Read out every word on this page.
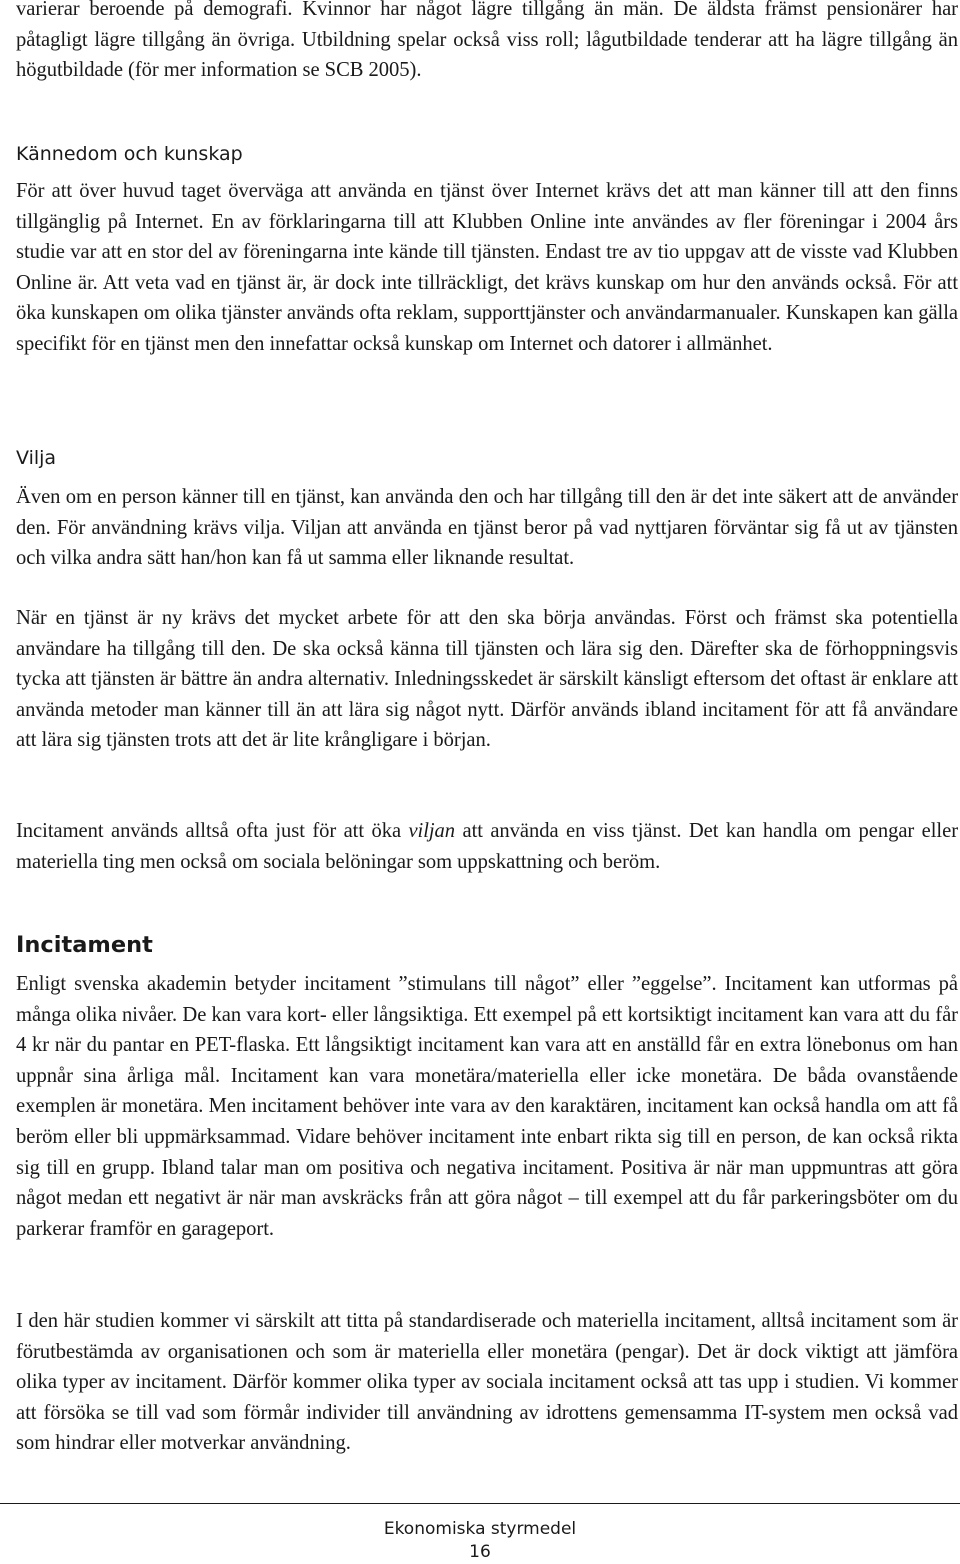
varierar beroende på demografi. Kvinnor har något lägre tillgång än män. De äldsta främst pensionärer har påtagligt lägre tillgång än övriga. Utbildning spelar också viss roll; lågutbildade tenderar att ha lägre tillgång än högutbildade (för mer information se SCB 2005).

Kännedom och kunskap

För att över huvud taget överväga att använda en tjänst över Internet krävs det att man känner till att den finns tillgänglig på Internet. En av förklaringarna till att Klubben Online inte användes av fler föreningar i 2004 års studie var att en stor del av föreningarna inte kände till tjänsten. Endast tre av tio uppgav att de visste vad Klubben Online är. Att veta vad en tjänst är, är dock inte tillräckligt, det krävs kunskap om hur den används också. För att öka kunskapen om olika tjänster används ofta reklam, supporttjänster och användarmanualer. Kunskapen kan gälla specifikt för en tjänst men den innefattar också kunskap om Internet och datorer i allmänhet.

Vilja

Även om en person känner till en tjänst, kan använda den och har tillgång till den är det inte säkert att de använder den. För användning krävs vilja. Viljan att använda en tjänst beror på vad nyttjaren förväntar sig få ut av tjänsten och vilka andra sätt han/hon kan få ut samma eller liknande resultat.

När en tjänst är ny krävs det mycket arbete för att den ska börja användas. Först och främst ska potentiella användare ha tillgång till den. De ska också känna till tjänsten och lära sig den. Därefter ska de förhoppningsvis tycka att tjänsten är bättre än andra alternativ. Inledningsskedet är särskilt känsligt eftersom det oftast är enklare att använda metoder man känner till än att lära sig något nytt. Därför används ibland incitament för att få användare att lära sig tjänsten trots att det är lite krångligare i början.

Incitament används alltså ofta just för att öka viljan att använda en viss tjänst. Det kan handla om pengar eller materiella ting men också om sociala belöningar som uppskattning och beröm.

Incitament

Enligt svenska akademin betyder incitament ”stimulans till något” eller ”eggelse”. Incitament kan utformas på många olika nivåer. De kan vara kort- eller långsiktiga. Ett exempel på ett kortsiktigt incitament kan vara att du får 4 kr när du pantar en PET-flaska. Ett långsiktigt incitament kan vara att en anställd får en extra lönebonus om han uppnår sina årliga mål. Incitament kan vara monetära/materiella eller icke monetära. De båda ovanstående exemplen är monetära. Men incitament behöver inte vara av den karaktären, incitament kan också handla om att få beröm eller bli uppmärksammad. Vidare behöver incitament inte enbart rikta sig till en person, de kan också rikta sig till en grupp. Ibland talar man om positiva och negativa incitament. Positiva är när man uppmuntras att göra något medan ett negativt är när man avskräcks från att göra något – till exempel att du får parkeringsböter om du parkerar framför en garageport.

I den här studien kommer vi särskilt att titta på standardiserade och materiella incitament, alltså incitament som är förutbestämda av organisationen och som är materiella eller monetära (pengar). Det är dock viktigt att jämföra olika typer av incitament. Därför kommer olika typer av sociala incitament också att tas upp i studien. Vi kommer att försöka se till vad som förmår individer till användning av idrottens gemensamma IT-system men också vad som hindrar eller motverkar användning.

Ekonomiska styrmedel
16
